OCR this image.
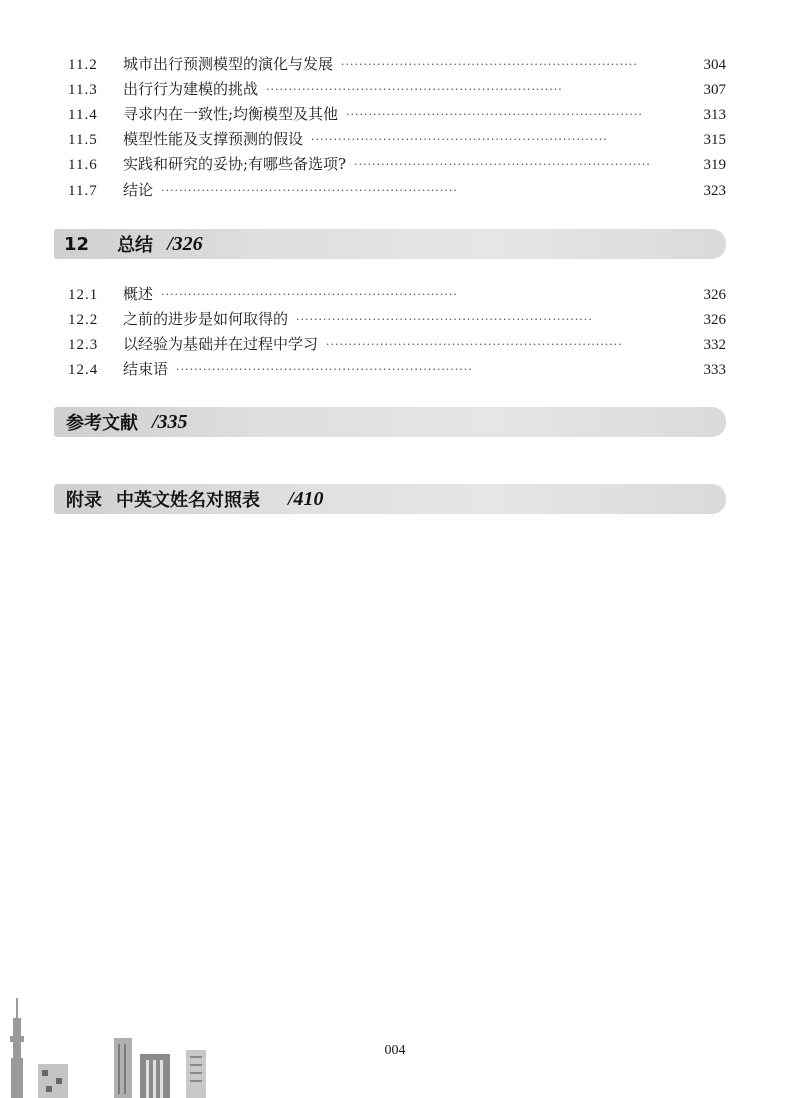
11.2	城市出行预测模型的演化与发展 ··································································	304
11.3	出行行为建模的挑战 ··································································	307
11.4	寻求内在一致性;均衡模型及其他 ··································································	313
11.5	模型性能及支撑预测的假设 ··································································	315
11.6	实践和研究的妥协;有哪些备选项? ··································································	319
11.7	结论 ··································································	323
12 总结 /326
12.1	概述 ··································································	326
12.2	之前的进步是如何取得的 ··································································	326
12.3	以经验为基础并在过程中学习 ··································································	332
12.4	结束语 ··································································	333
参考文献 /335
附录 中英文姓名对照表 /410
004
